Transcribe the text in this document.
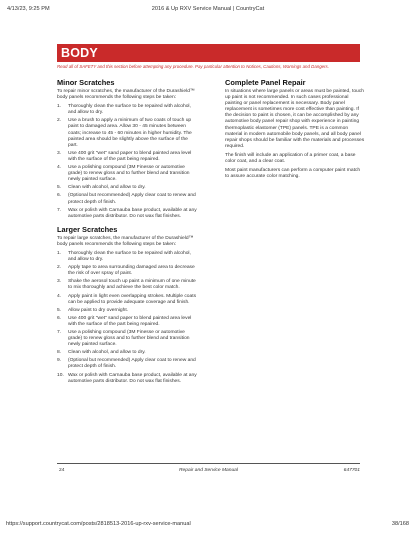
4/13/23, 9:25 PM	2016 & Up RXV Service Manual | CountryCat
BODY
Read all of SAFETY and this section before attempting any procedure. Pay particular attention to Notices, Cautions, Warnings and Dangers.
Minor Scratches

To repair minor scratches, the manufacturer of the Durashield™ body panels recommends the following steps be taken:

1. Thoroughly clean the surface to be repaired with alcohol, and allow to dry.
2. Use a brush to apply a minimum of two coats of touch up paint to damaged area. Allow 30 - 45 minutes between coats; increase to 45 - 60 minutes in higher humidity. The painted area should be slightly above the surface of the part.
3. Use 400 grit "wet" sand paper to blend painted area level with the surface of the part being repaired.
4. Use a polishing compound (3M Finesse or automotive grade) to renew gloss and to further blend and transition newly painted surface.
5. Clean with alcohol, and allow to dry.
6. (Optional but recommended) Apply clear coat to renew and protect depth of finish.
7. Wax or polish with Carnauba base product, available at any automotive parts distributor. Do not wax flat finishes.
Larger Scratches

To repair large scratches, the manufacturer of the Durashield™ body panels recommends the following steps be taken:

1. Thoroughly clean the surface to be repaired with alcohol, and allow to dry.
2. Apply tape to area surrounding damaged area to decrease the risk of over spray of paint.
3. Shake the aerosol touch up paint a minimum of one minute to mix thoroughly and achieve the best color match.
4. Apply paint in light even overlapping strokes. Multiple coats can be applied to provide adequate coverage and finish.
5. Allow paint to dry overnight.
6. Use 400 grit "wet" sand paper to blend painted area level with the surface of the part being repaired.
7. Use a polishing compound (3M Finesse or automotive grade) to renew gloss and to further blend and transition newly painted surface.
8. Clean with alcohol, and allow to dry.
9. (Optional but recommended) Apply clear coat to renew and protect depth of finish.
10. Wax or polish with Carnauba base product, available at any automotive parts distributor. Do not wax flat finishes.
Complete Panel Repair

In situations where large panels or areas must be painted, touch up paint is not recommended. In such cases professional painting or panel replacement is necessary. Body panel replacement is sometimes more cost effective than painting. If the decision to paint is chosen, it can be accomplished by any automotive body panel repair shop with experience in painting thermoplastic elastomer (TPE) panels. TPE is a common material in modern automobile body panels, and all body panel repair shops should be familiar with the materials and processes required.

The finish will include an application of a primer coat, a base color coat, and a clear coat.

Most paint manufacturers can perform a computer paint match to assure accurate color matching.

24	Repair and Service Manual	647701
https://support.countrycat.com/posts/2818513-2016-up-rxv-service-manual	38/168
